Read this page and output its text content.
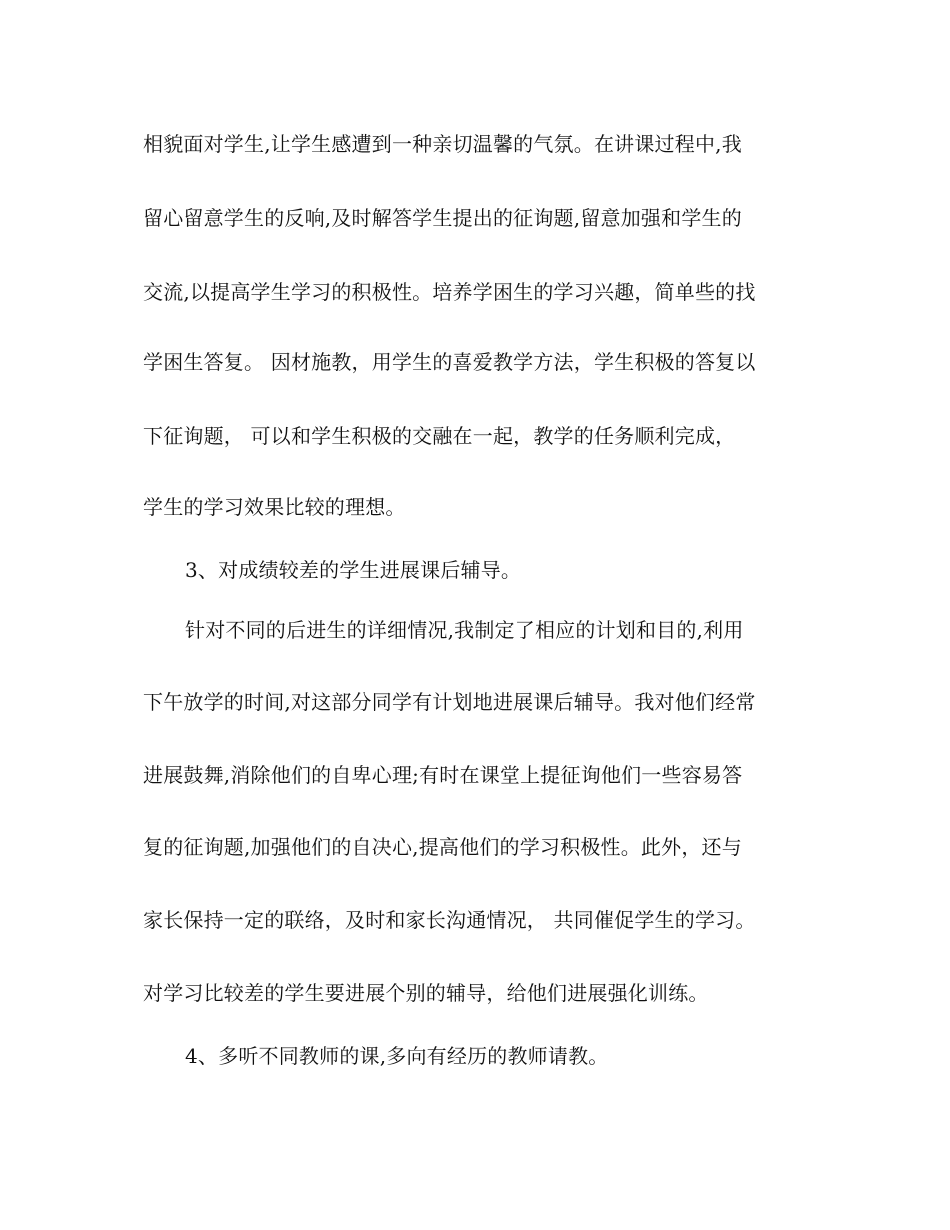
相貌面对学生,让学生感遭到一种亲切温馨的气氛。在讲课过程中,我
留心留意学生的反响,及时解答学生提出的征询题,留意加强和学生的
交流,以提高学生学习的积极性。培养学困生的学习兴趣，简单些的找
学困生答复。 因材施教，用学生的喜爱教学方法，学生积极的答复以
下征询题， 可以和学生积极的交融在一起，教学的任务顺利完成，
学生的学习效果比较的理想。
3、对成绩较差的学生进展课后辅导。
针对不同的后进生的详细情况,我制定了相应的计划和目的,利用
下午放学的时间,对这部分同学有计划地进展课后辅导。我对他们经常
进展鼓舞,消除他们的自卑心理;有时在课堂上提征询他们一些容易答
复的征询题,加强他们的自决心,提高他们的学习积极性。此外，还与
家长保持一定的联络，及时和家长沟通情况， 共同催促学生的学习。
对学习比较差的学生要进展个别的辅导，给他们进展强化训练。
4、多听不同教师的课,多向有经历的教师请教。
